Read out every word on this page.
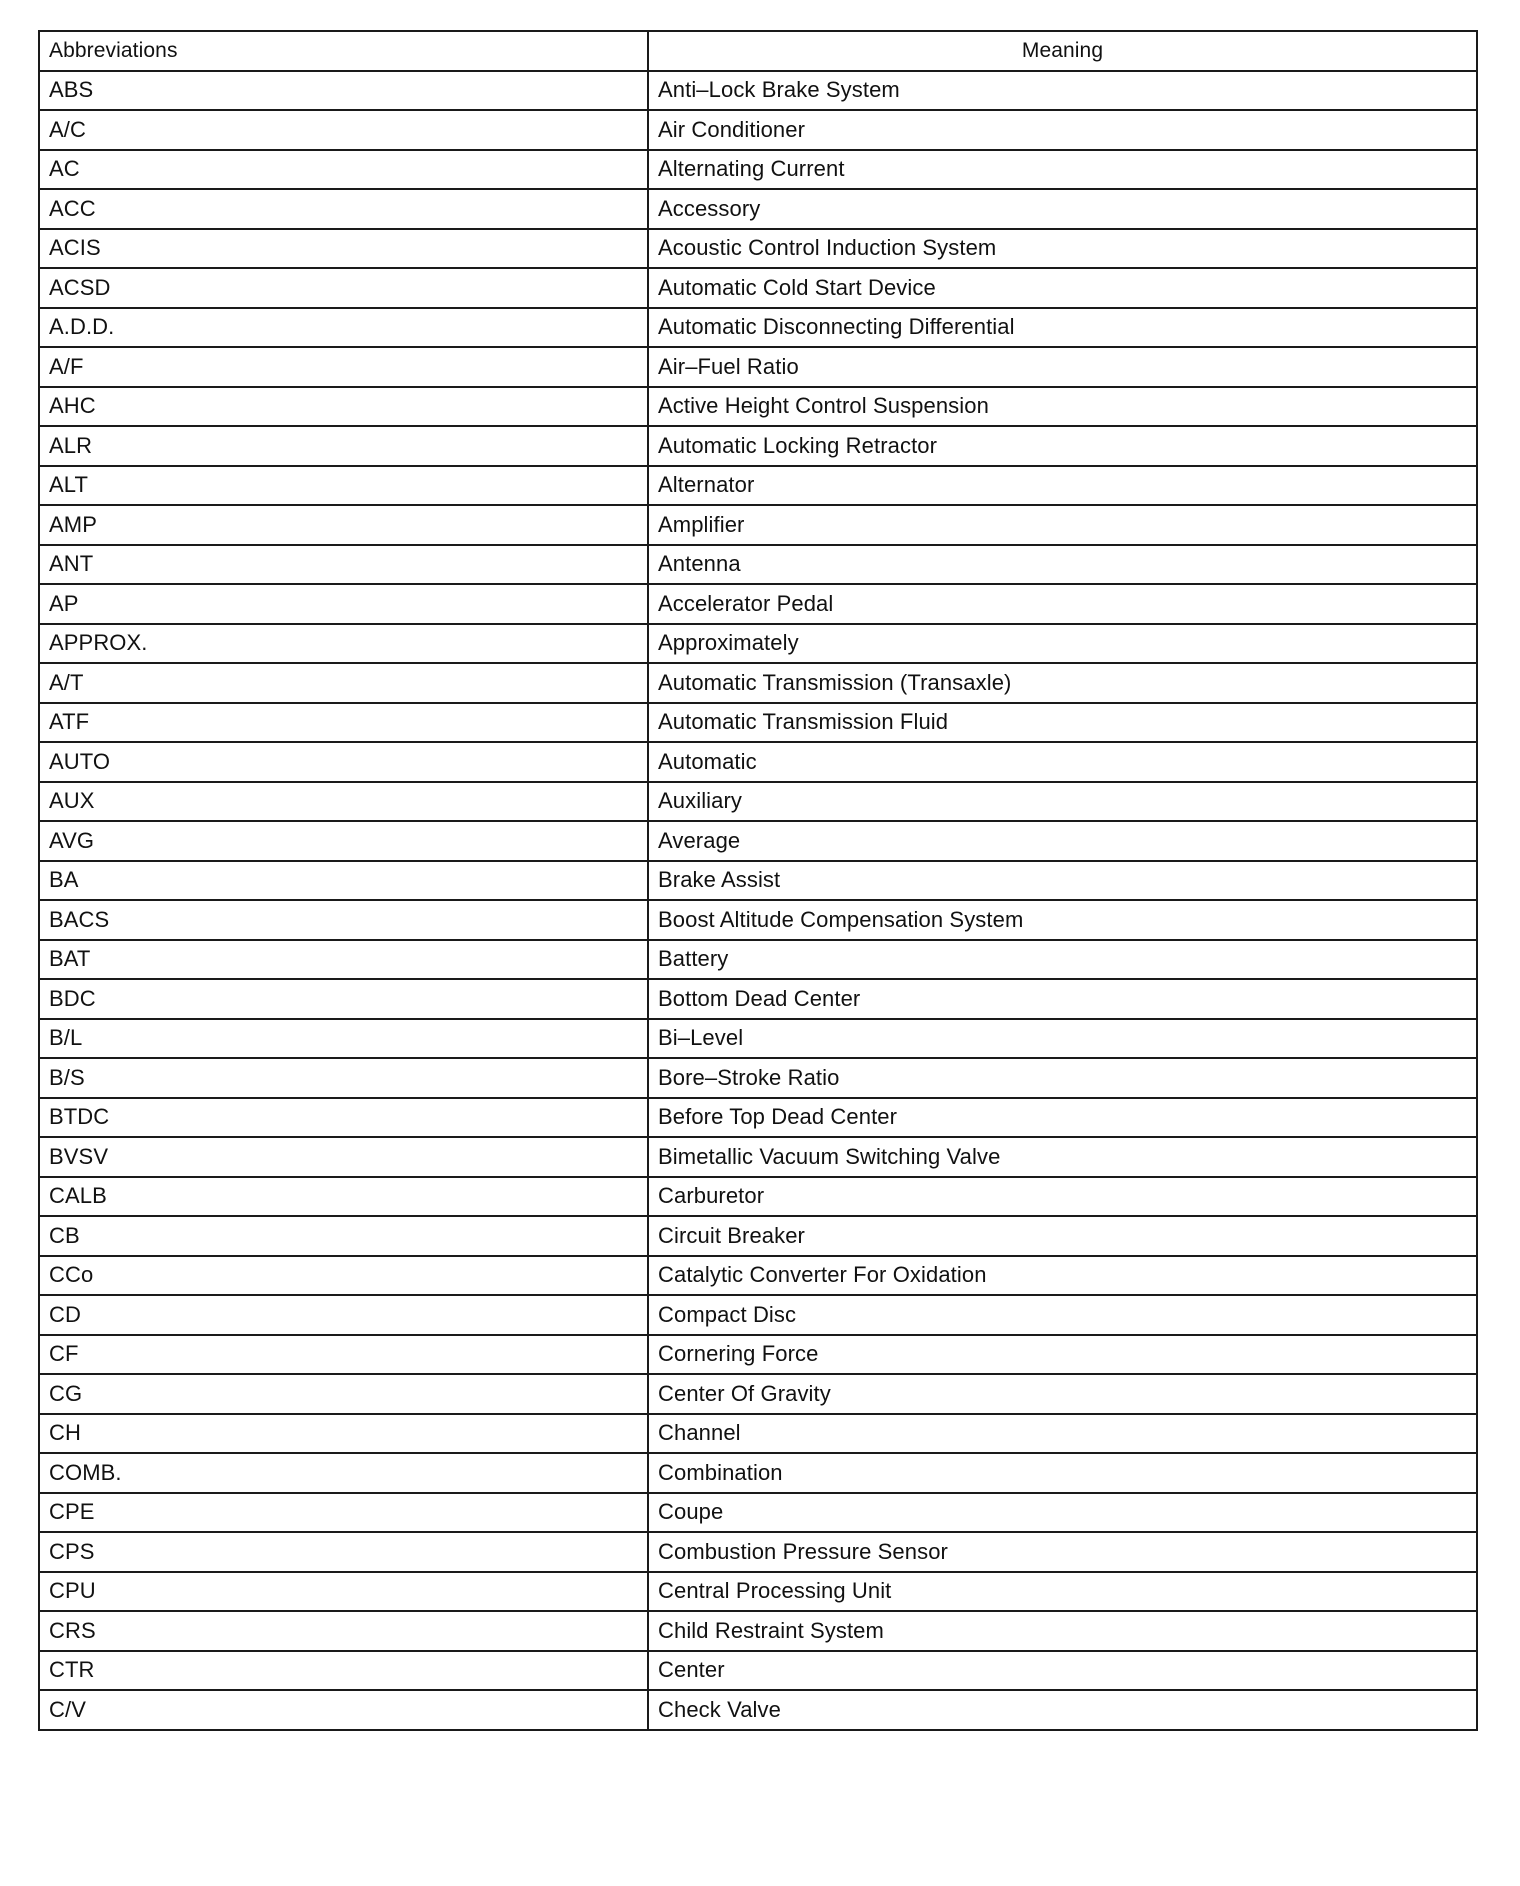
Abbreviations	Meaning
ABS	Anti–Lock Brake System
A/C	Air Conditioner
AC	Alternating Current
ACC	Accessory
ACIS	Acoustic Control Induction System
ACSD	Automatic Cold Start Device
A.D.D.	Automatic Disconnecting Differential
A/F	Air–Fuel Ratio
AHC	Active Height Control Suspension
ALR	Automatic Locking Retractor
ALT	Alternator
AMP	Amplifier
ANT	Antenna
AP	Accelerator Pedal
APPROX.	Approximately
A/T	Automatic Transmission (Transaxle)
ATF	Automatic Transmission Fluid
AUTO	Automatic
AUX	Auxiliary
AVG	Average
BA	Brake Assist
BACS	Boost Altitude Compensation System
BAT	Battery
BDC	Bottom Dead Center
B/L	Bi–Level
B/S	Bore–Stroke Ratio
BTDC	Before Top Dead Center
BVSV	Bimetallic Vacuum Switching Valve
CALB	Carburetor
CB	Circuit Breaker
CCo	Catalytic Converter For Oxidation
CD	Compact Disc
CF	Cornering Force
CG	Center Of Gravity
CH	Channel
COMB.	Combination
CPE	Coupe
CPS	Combustion Pressure Sensor
CPU	Central Processing Unit
CRS	Child Restraint System
CTR	Center
C/V	Check Valve
